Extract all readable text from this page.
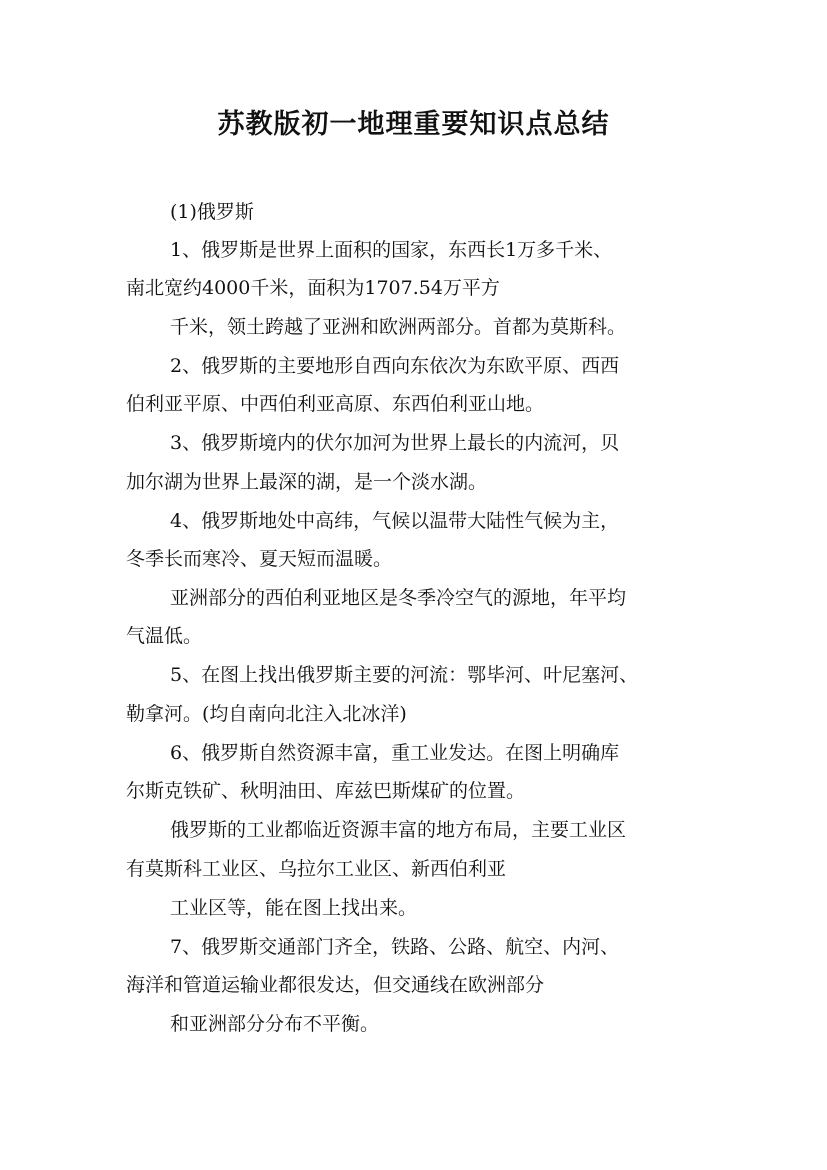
苏教版初一地理重要知识点总结

(1)俄罗斯

1、俄罗斯是世界上面积的国家，东西长1万多千米、

南北宽约4000千米，面积为1707.54万平方

千米，领土跨越了亚洲和欧洲两部分。首都为莫斯科。

2、俄罗斯的主要地形自西向东依次为东欧平原、西西

伯利亚平原、中西伯利亚高原、东西伯利亚山地。

3、俄罗斯境内的伏尔加河为世界上最长的内流河，贝

加尔湖为世界上最深的湖，是一个淡水湖。

4、俄罗斯地处中高纬，气候以温带大陆性气候为主，

冬季长而寒冷、夏天短而温暖。

亚洲部分的西伯利亚地区是冬季冷空气的源地，年平均

气温低。

5、在图上找出俄罗斯主要的河流：鄂毕河、叶尼塞河、

勒拿河。(均自南向北注入北冰洋)

6、俄罗斯自然资源丰富，重工业发达。在图上明确库

尔斯克铁矿、秋明油田、库兹巴斯煤矿的位置。

俄罗斯的工业都临近资源丰富的地方布局，主要工业区

有莫斯科工业区、乌拉尔工业区、新西伯利亚

工业区等，能在图上找出来。

7、俄罗斯交通部门齐全，铁路、公路、航空、内河、

海洋和管道运输业都很发达，但交通线在欧洲部分

和亚洲部分分布不平衡。
